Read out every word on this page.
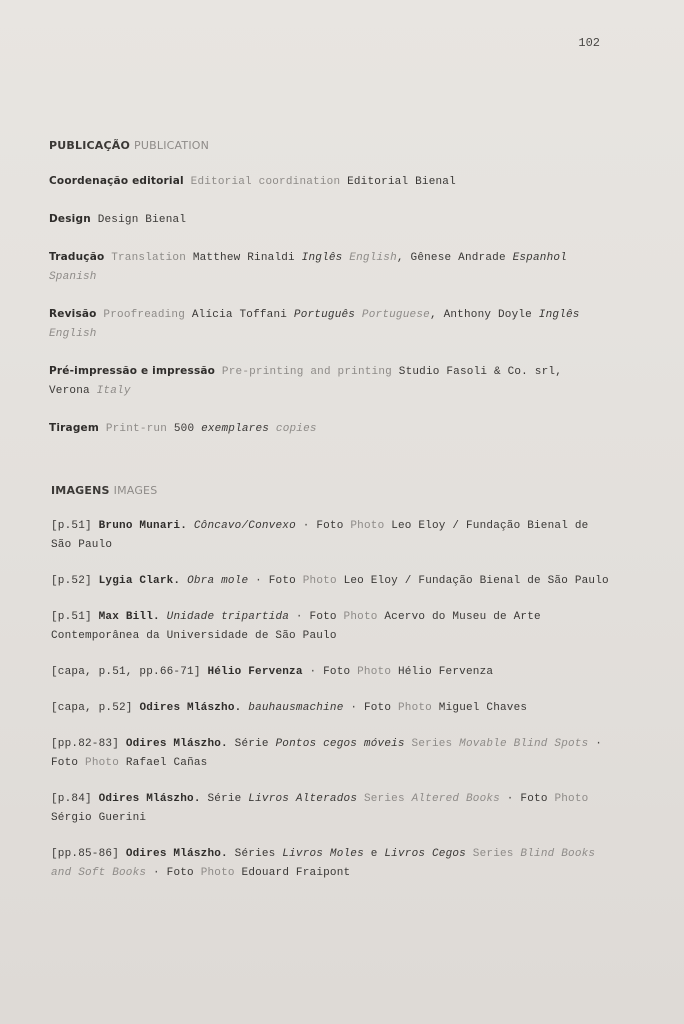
102
PUBLICAÇÃO PUBLICATION
Coordenação editorial Editorial coordination Editorial Bienal
Design Design Bienal
Tradução Translation Matthew Rinaldi Inglês English, Gênese Andrade Espanhol Spanish
Revisão Proofreading Alícia Toffani Português Portuguese, Anthony Doyle Inglês English
Pré-impressão e impressão Pre-printing and printing Studio Fasoli & Co. srl, Verona Italy
Tiragem Print-run 500 exemplares copies
IMAGENS IMAGES
[p.51] Bruno Munari. Côncavo/Convexo · Foto Photo Leo Eloy / Fundação Bienal de São Paulo
[p.52] Lygia Clark. Obra mole · Foto Photo Leo Eloy / Fundação Bienal de São Paulo
[p.51] Max Bill. Unidade tripartida · Foto Photo Acervo do Museu de Arte Contemporânea da Universidade de São Paulo
[capa, p.51, pp.66-71] Hélio Fervenza · Foto Photo Hélio Fervenza
[capa, p.52] Odires Mlászho. bauhausmachine · Foto Photo Miguel Chaves
[pp.82-83] Odires Mlászho. Série Pontos cegos móveis Series Movable Blind Spots · Foto Photo Rafael Cañas
[p.84] Odires Mlászho. Série Livros Alterados Series Altered Books · Foto Photo Sérgio Guerini
[pp.85-86] Odires Mlászho. Séries Livros Moles e Livros Cegos Series Blind Books and Soft Books · Foto Photo Edouard Fraipont
